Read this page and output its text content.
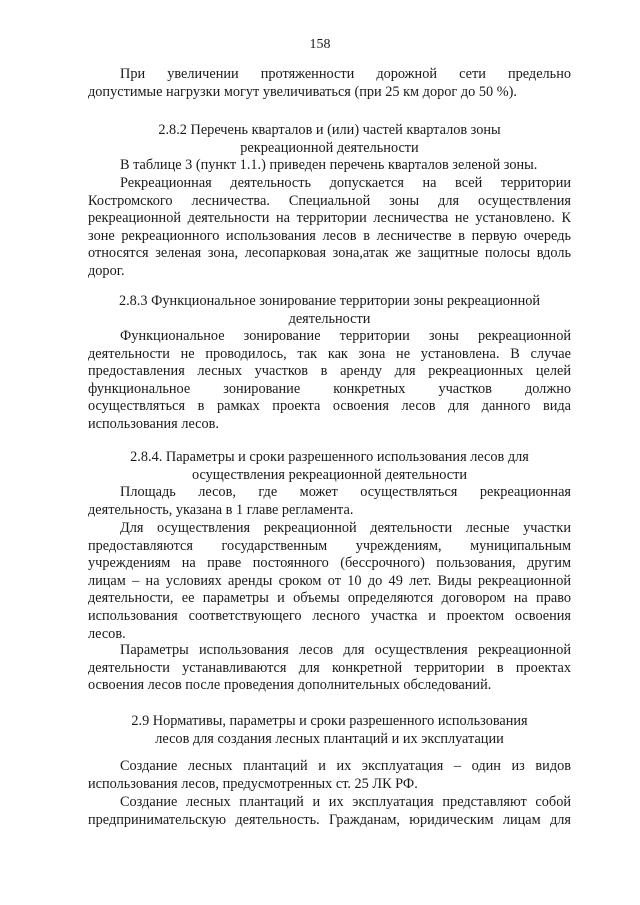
158
При увеличении протяженности дорожной сети предельно
допустимые нагрузки могут увеличиваться (при 25 км дорог до 50 %).
2.8.2 Перечень кварталов и (или) частей кварталов зоны
рекреационной деятельности
В таблице 3 (пункт 1.1.) приведен перечень кварталов зеленой зоны.
Рекреационная деятельность допускается на всей территории
Костромского лесничества. Специальной зоны для осуществления
рекреационной деятельности на территории лесничества не установлено. К
зоне рекреационного использования лесов в лесничестве в первую очередь
относятся зеленая зона, лесопарковая зона,атак же защитные полосы вдоль
дорог.
2.8.3 Функциональное зонирование территории зоны рекреационной
деятельности
Функциональное зонирование территории зоны рекреационной
деятельности не проводилось, так как зона не установлена. В случае
предоставления лесных участков в аренду для рекреационных целей
функциональное зонирование конкретных участков должно
осуществляться в рамках проекта освоения лесов для данного вида
использования лесов.
2.8.4. Параметры и сроки разрешенного использования лесов для
осуществления рекреационной деятельности
Площадь лесов, где может осуществляться рекреационная
деятельность, указана в 1 главе регламента.
Для осуществления рекреационной деятельности лесные участки
предоставляются государственным учреждениям, муниципальным
учреждениям на праве постоянного (бессрочного) пользования, другим
лицам – на условиях аренды сроком от 10 до 49 лет. Виды рекреационной
деятельности, ее параметры и объемы определяются договором на право
использования соответствующего лесного участка и проектом освоения
лесов.
Параметры использования лесов для осуществления рекреационной
деятельности устанавливаются для конкретной территории в проектах
освоения лесов после проведения дополнительных обследований.
2.9 Нормативы, параметры и сроки разрешенного использования
лесов для создания лесных плантаций и их эксплуатации
Создание лесных плантаций и их эксплуатация – один из видов
использования лесов, предусмотренных ст. 25 ЛК РФ.
Создание лесных плантаций и их эксплуатация представляют собой
предпринимательскую деятельность. Гражданам, юридическим лицам для
